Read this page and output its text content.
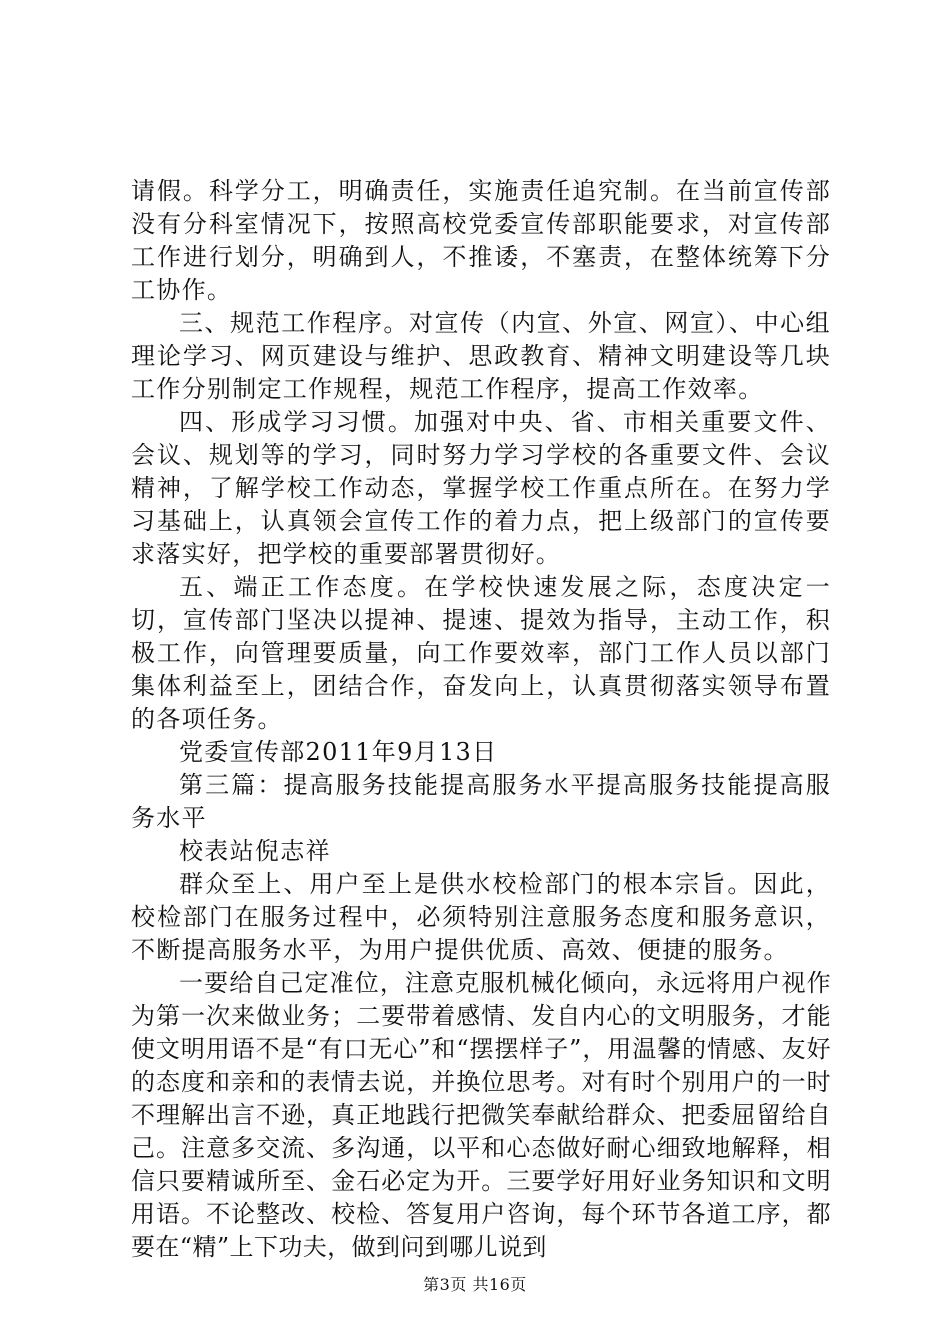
请假。科学分工，明确责任，实施责任追究制。在当前宣传部没有分科室情况下，按照高校党委宣传部职能要求，对宣传部工作进行划分，明确到人，不推诿，不塞责，在整体统筹下分工协作。

三、规范工作程序。对宣传（内宣、外宣、网宣）、中心组理论学习、网页建设与维护、思政教育、精神文明建设等几块工作分别制定工作规程，规范工作程序，提高工作效率。

四、形成学习习惯。加强对中央、省、市相关重要文件、会议、规划等的学习，同时努力学习学校的各重要文件、会议精神，了解学校工作动态，掌握学校工作重点所在。在努力学习基础上，认真领会宣传工作的着力点，把上级部门的宣传要求落实好，把学校的重要部署贯彻好。

五、端正工作态度。在学校快速发展之际，态度决定一切，宣传部门坚决以提神、提速、提效为指导，主动工作，积极工作，向管理要质量，向工作要效率，部门工作人员以部门集体利益至上，团结合作，奋发向上，认真贯彻落实领导布置的各项任务。

党委宣传部2011年9月13日

第三篇：提高服务技能提高服务水平提高服务技能提高服务水平

校表站倪志祥

群众至上、用户至上是供水校检部门的根本宗旨。因此，校检部门在服务过程中，必须特别注意服务态度和服务意识，不断提高服务水平，为用户提供优质、高效、便捷的服务。

一要给自己定准位，注意克服机械化倾向，永远将用户视作为第一次来做业务；二要带着感情、发自内心的文明服务，才能使文明用语不是“有口无心”和“摆摆样子”，用温馨的情感、友好的态度和亲和的表情去说，并换位思考。对有时个别用户的一时不理解出言不逊，真正地践行把微笑奉献给群众、把委屈留给自己。注意多交流、多沟通，以平和心态做好耐心细致地解释，相信只要精诚所至、金石必定为开。三要学好用好业务知识和文明用语。不论整改、校检、答复用户咨询，每个环节各道工序，都要在“精”上下功夫，做到问到哪儿说到

第3页 共16页
